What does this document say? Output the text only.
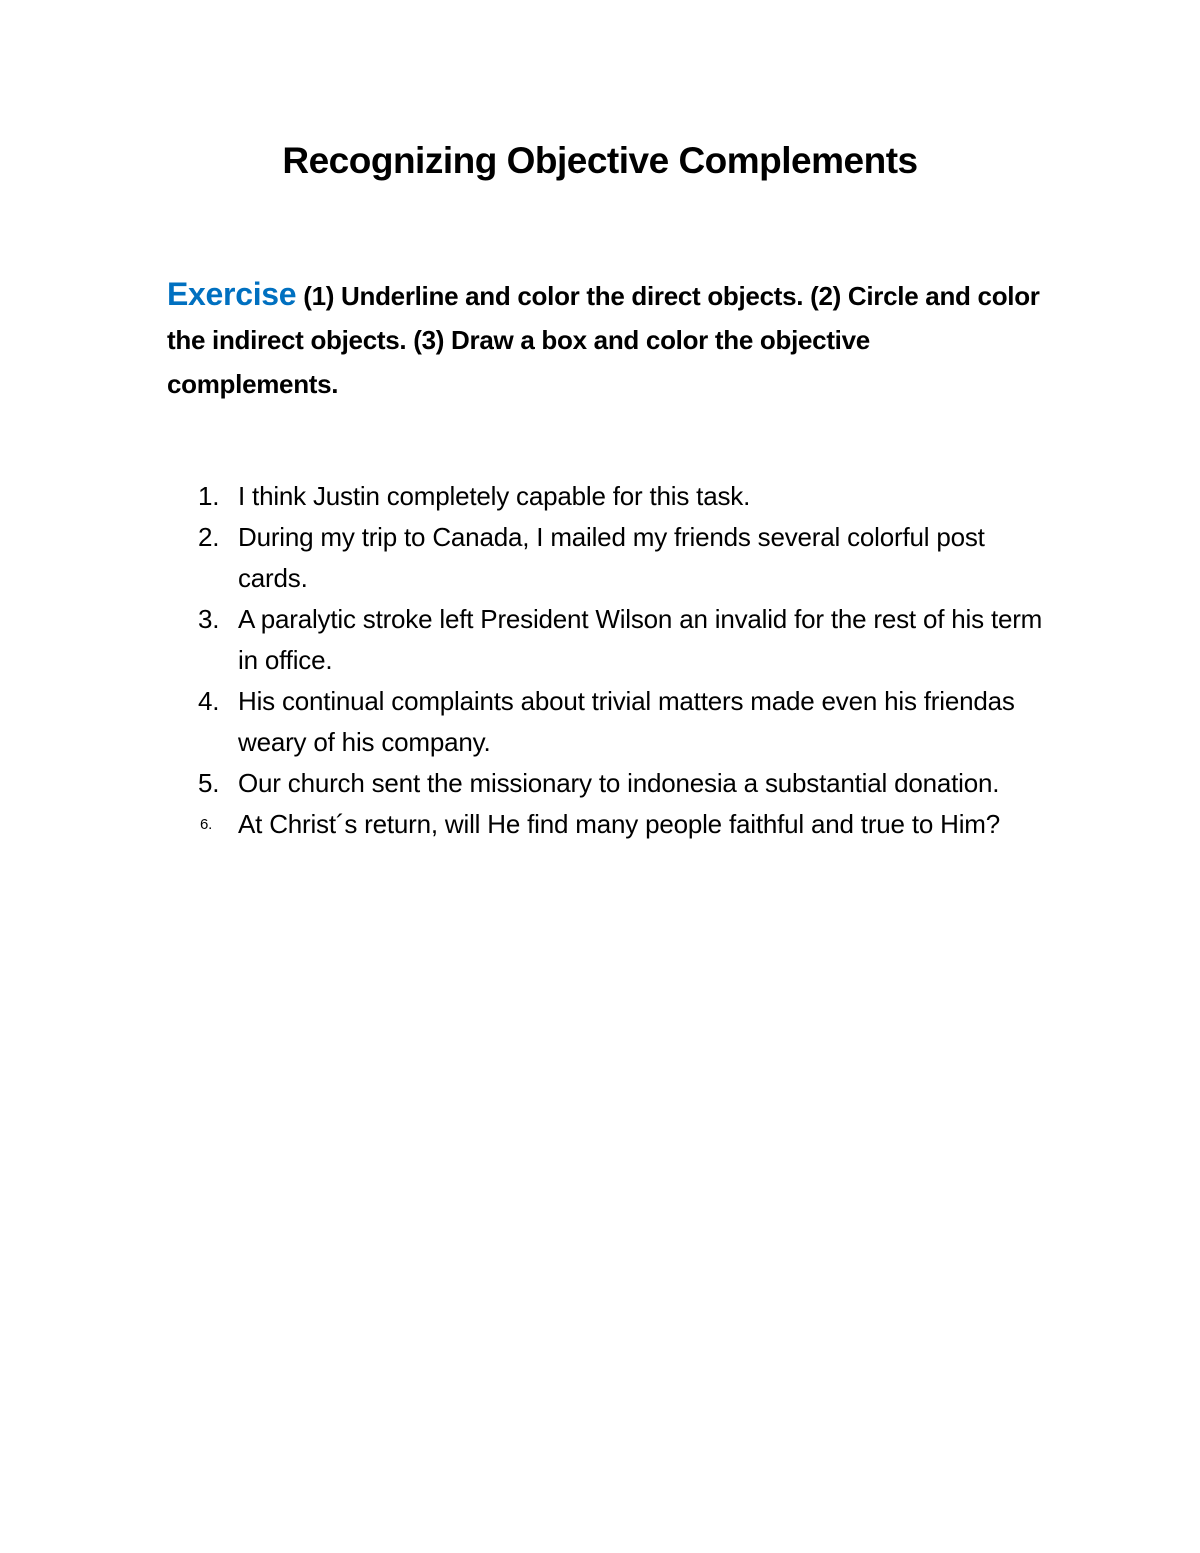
Recognizing Objective Complements

Exercise (1) Underline and color the direct objects. (2) Circle and color the indirect objects. (3) Draw a box and color the objective complements.

1. I think Justin completely capable for this task.
2. During my trip to Canada, I mailed my friends several colorful post cards.
3. A paralytic stroke left President Wilson an invalid for the rest of his term in office.
4. His continual complaints about trivial matters made even his friendas weary of his company.
5. Our church sent the missionary to indonesia a substantial donation.
6. At Christ´s return, will He find many people faithful and true to Him?
